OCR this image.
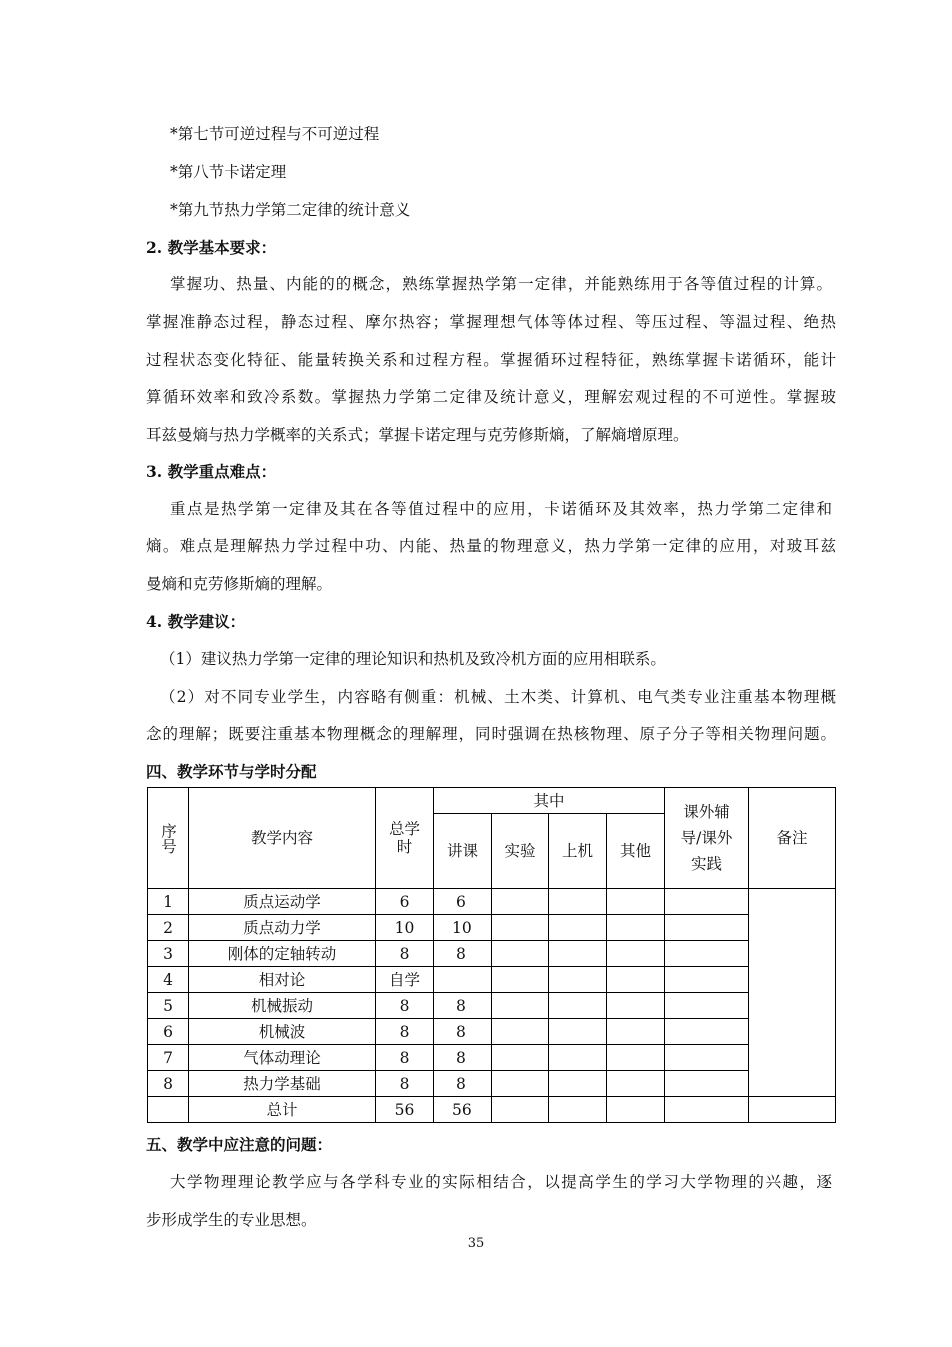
*第七节可逆过程与不可逆过程
*第八节卡诺定理
*第九节热力学第二定律的统计意义
2. 教学基本要求：
掌握功、热量、内能的的概念，熟练掌握热学第一定律，并能熟练用于各等值过程的计算。
掌握准静态过程，静态过程、摩尔热容；掌握理想气体等体过程、等压过程、等温过程、绝热
过程状态变化特征、能量转换关系和过程方程。掌握循环过程特征，熟练掌握卡诺循环，能计
算循环效率和致冷系数。掌握热力学第二定律及统计意义，理解宏观过程的不可逆性。掌握玻
耳兹曼熵与热力学概率的关系式；掌握卡诺定理与克劳修斯熵，了解熵增原理。
3. 教学重点难点：
重点是热学第一定律及其在各等值过程中的应用，卡诺循环及其效率，热力学第二定律和
熵。难点是理解热力学过程中功、内能、热量的物理意义，热力学第一定律的应用，对玻耳兹
曼熵和克劳修斯熵的理解。
4. 教学建议：
（1）建议热力学第一定律的理论知识和热机及致冷机方面的应用相联系。
（2）对不同专业学生，内容略有侧重：机械、土木类、计算机、电气类专业注重基本物理概
念的理解；既要注重基本物理概念的理解理，同时强调在热核物理、原子分子等相关物理问题。
四、教学环节与学时分配
序号	教学内容	总学时	其中				课外辅导/课外实践	备注
			讲课	实验	上机	其他		
1	质点运动学	6	6					
2	质点动力学	10	10					
3	刚体的定轴转动	8	8					
4	相对论	自学						
5	机械振动	8	8					
6	机械波	8	8					
7	气体动理论	8	8					
8	热力学基础	8	8					
	总计	56	56					
五、教学中应注意的问题：
大学物理理论教学应与各学科专业的实际相结合，以提高学生的学习大学物理的兴趣，逐
步形成学生的专业思想。
35
